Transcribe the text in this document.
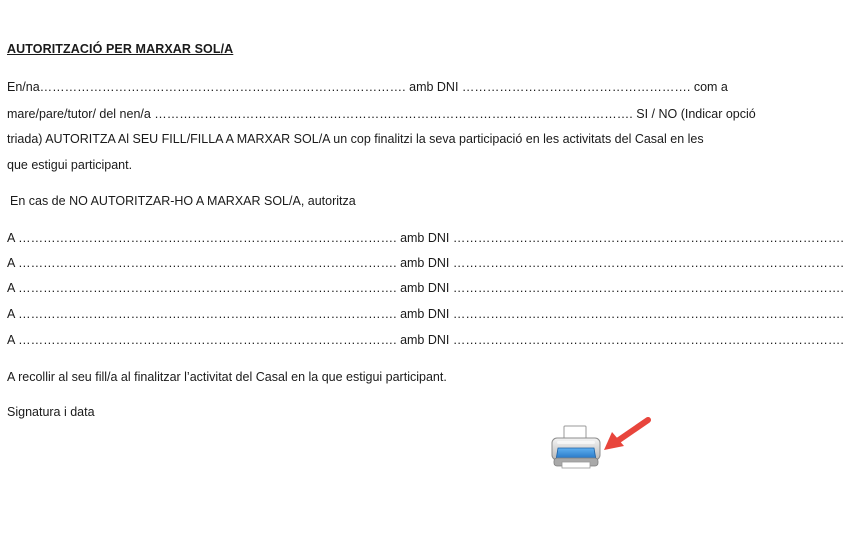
AUTORITZACIÓ PER MARXAR SOL/A

En/na……………………………………………………………………………. amb DNI ………………………………………………. com a

mare/pare/tutor/ del nen/a ……………………………………………………………………………………………………. SI / NO (Indicar opció

triada) AUTORITZA Al SEU FILL/FILLA A MARXAR SOL/A un cop finalitzi la seva participació en les activitats del Casal en les

que estigui participant.

En cas de NO AUTORITZAR-HO A MARXAR SOL/A, autoritza

A ………………………………………………………………………………. amb DNI ………………………………………………………………………………….

A ………………………………………………………………………………. amb DNI ………………………………………………………………………………….

A ………………………………………………………………………………. amb DNI ………………………………………………………………………………….

A ………………………………………………………………………………. amb DNI ………………………………………………………………………………….

A ………………………………………………………………………………. amb DNI ………………………………………………………………………………….

A recollir al seu fill/a al finalitzar l’activitat del Casal en la que estigui participant.

Signatura i data
